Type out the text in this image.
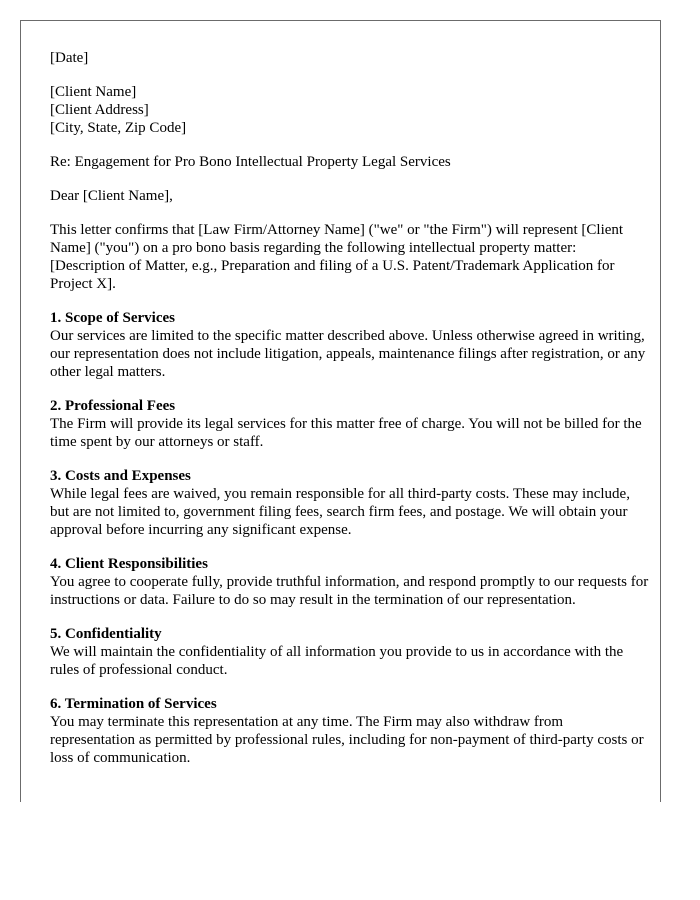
[Date]
[Client Name]
[Client Address]
[City, State, Zip Code]
Re: Engagement for Pro Bono Intellectual Property Legal Services
Dear [Client Name],
This letter confirms that [Law Firm/Attorney Name] ("we" or "the Firm") will represent [Client Name] ("you") on a pro bono basis regarding the following intellectual property matter: [Description of Matter, e.g., Preparation and filing of a U.S. Patent/Trademark Application for Project X].
1. Scope of Services
Our services are limited to the specific matter described above. Unless otherwise agreed in writing, our representation does not include litigation, appeals, maintenance filings after registration, or any other legal matters.
2. Professional Fees
The Firm will provide its legal services for this matter free of charge. You will not be billed for the time spent by our attorneys or staff.
3. Costs and Expenses
While legal fees are waived, you remain responsible for all third-party costs. These may include, but are not limited to, government filing fees, search firm fees, and postage. We will obtain your approval before incurring any significant expense.
4. Client Responsibilities
You agree to cooperate fully, provide truthful information, and respond promptly to our requests for instructions or data. Failure to do so may result in the termination of our representation.
5. Confidentiality
We will maintain the confidentiality of all information you provide to us in accordance with the rules of professional conduct.
6. Termination of Services
You may terminate this representation at any time. The Firm may also withdraw from representation as permitted by professional rules, including for non-payment of third-party costs or loss of communication.
